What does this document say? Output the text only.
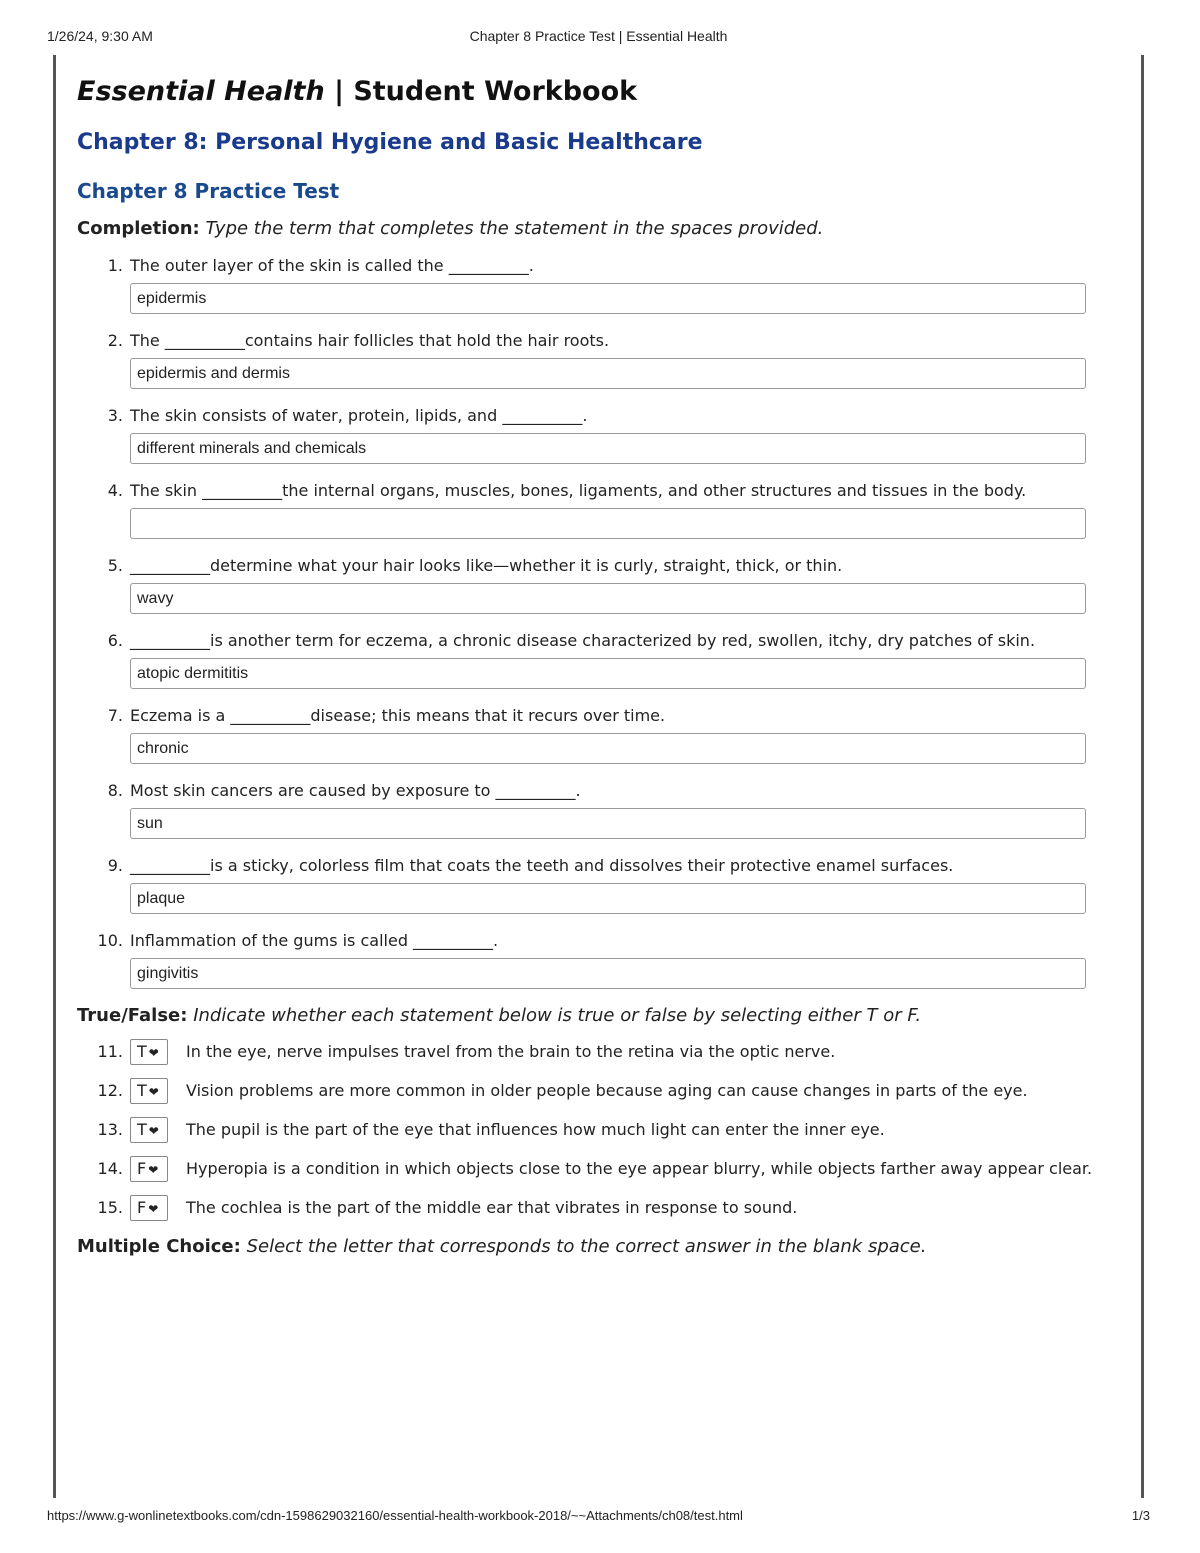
1/26/24, 9:30 AM	Chapter 8 Practice Test | Essential Health
Essential Health | Student Workbook
Chapter 8: Personal Hygiene and Basic Healthcare
Chapter 8 Practice Test

Completion: Type the term that completes the statement in the spaces provided.

1. The outer layer of the skin is called the __________.

epidermis
2. The __________contains hair follicles that hold the hair roots.

epidermis and dermis
3. The skin consists of water, protein, lipids, and __________.

different minerals and chemicals
4. The skin __________the internal organs, muscles, bones, ligaments, and other structures and tissues in the body.

5. __________determine what your hair looks like—whether it is curly, straight, thick, or thin.

wavy
6. __________is another term for eczema, a chronic disease characterized by red, swollen, itchy, dry patches of skin.

atopic dermititis
7. Eczema is a __________disease; this means that it recurs over time.

chronic
8. Most skin cancers are caused by exposure to __________.

sun
9. __________is a sticky, colorless film that coats the teeth and dissolves their protective enamel surfaces.

plaque
10. Inflammation of the gums is called __________.

gingivitis

True/False: Indicate whether each statement below is true or false by selecting either T or F.

11. T ❤	In the eye, nerve impulses travel from the brain to the retina via the optic nerve.
12. T ❤	Vision problems are more common in older people because aging can cause changes in parts of the eye.
13. T ❤	The pupil is the part of the eye that influences how much light can enter the inner eye.
14. F ❤	Hyperopia is a condition in which objects close to the eye appear blurry, while objects farther away appear clear.
15. F ❤	The cochlea is the part of the middle ear that vibrates in response to sound.

Multiple Choice: Select the letter that corresponds to the correct answer in the blank space.

https://www.g-wonlinetextbooks.com/cdn-1598629032160/essential-health-workbook-2018/~~Attachments/ch08/test.html	1/3
